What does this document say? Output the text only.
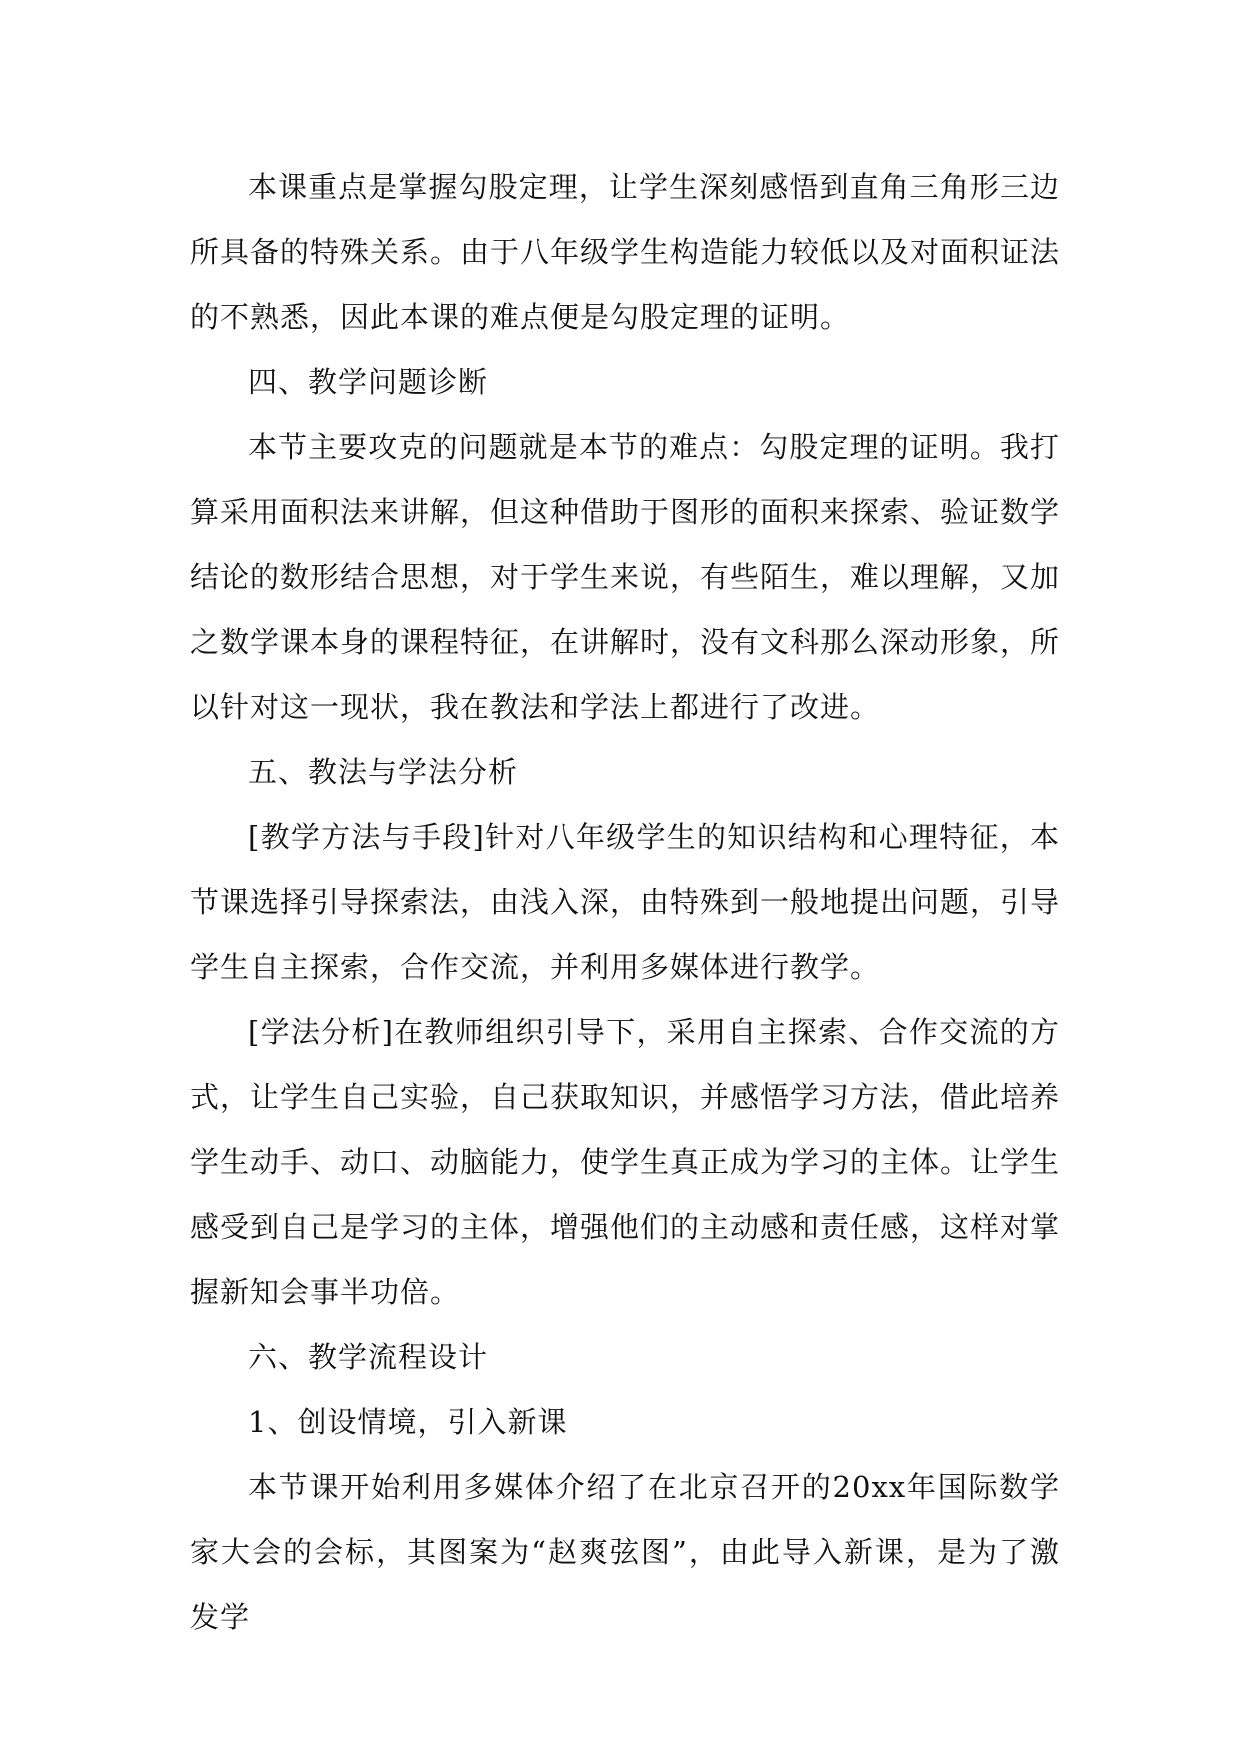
本课重点是掌握勾股定理，让学生深刻感悟到直角三角形三边所具备的特殊关系。由于八年级学生构造能力较低以及对面积证法的不熟悉，因此本课的难点便是勾股定理的证明。

四、教学问题诊断

本节主要攻克的问题就是本节的难点：勾股定理的证明。我打算采用面积法来讲解，但这种借助于图形的面积来探索、验证数学结论的数形结合思想，对于学生来说，有些陌生，难以理解，又加之数学课本身的课程特征，在讲解时，没有文科那么深动形象，所以针对这一现状，我在教法和学法上都进行了改进。

五、教法与学法分析

[教学方法与手段]针对八年级学生的知识结构和心理特征，本节课选择引导探索法，由浅入深，由特殊到一般地提出问题，引导学生自主探索，合作交流，并利用多媒体进行教学。

[学法分析]在教师组织引导下，采用自主探索、合作交流的方式，让学生自己实验，自己获取知识，并感悟学习方法，借此培养学生动手、动口、动脑能力，使学生真正成为学习的主体。让学生感受到自己是学习的主体，增强他们的主动感和责任感，这样对掌握新知会事半功倍。

六、教学流程设计

1、创设情境，引入新课

本节课开始利用多媒体介绍了在北京召开的20xx年国际数学家大会的会标，其图案为“赵爽弦图”，由此导入新课，是为了激发学
